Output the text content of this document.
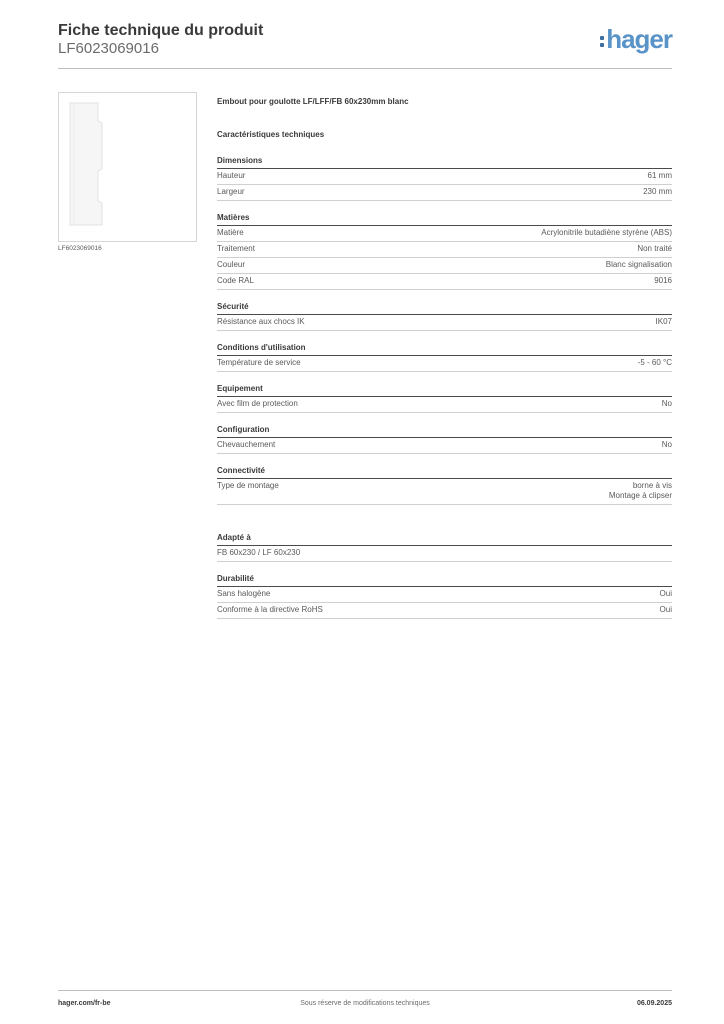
Fiche technique du produit
LF6023069016	hager
LF6023069016
Embout pour goulotte LF/LFF/FB 60x230mm blanc
Caractéristiques techniques
Dimensions
Hauteur	61 mm
Largeur	230 mm
Matières
Matière	Acrylonitrile butadiène styrène (ABS)
Traitement	Non traité
Couleur	Blanc signalisation
Code RAL	9016
Sécurité
Résistance aux chocs IK	IK07
Conditions d'utilisation
Température de service	-5 - 60 °C
Equipement
Avec film de protection	No
Configuration
Chevauchement	No
Connectivité
Type de montage	borne à vis
Montage à clipser
Adapté à
FB 60x230 / LF 60x230
Durabilité
Sans halogène	Oui
Conforme à la directive RoHS	Oui
hager.com/fr-be	Sous réserve de modifications techniques	06.09.2025
